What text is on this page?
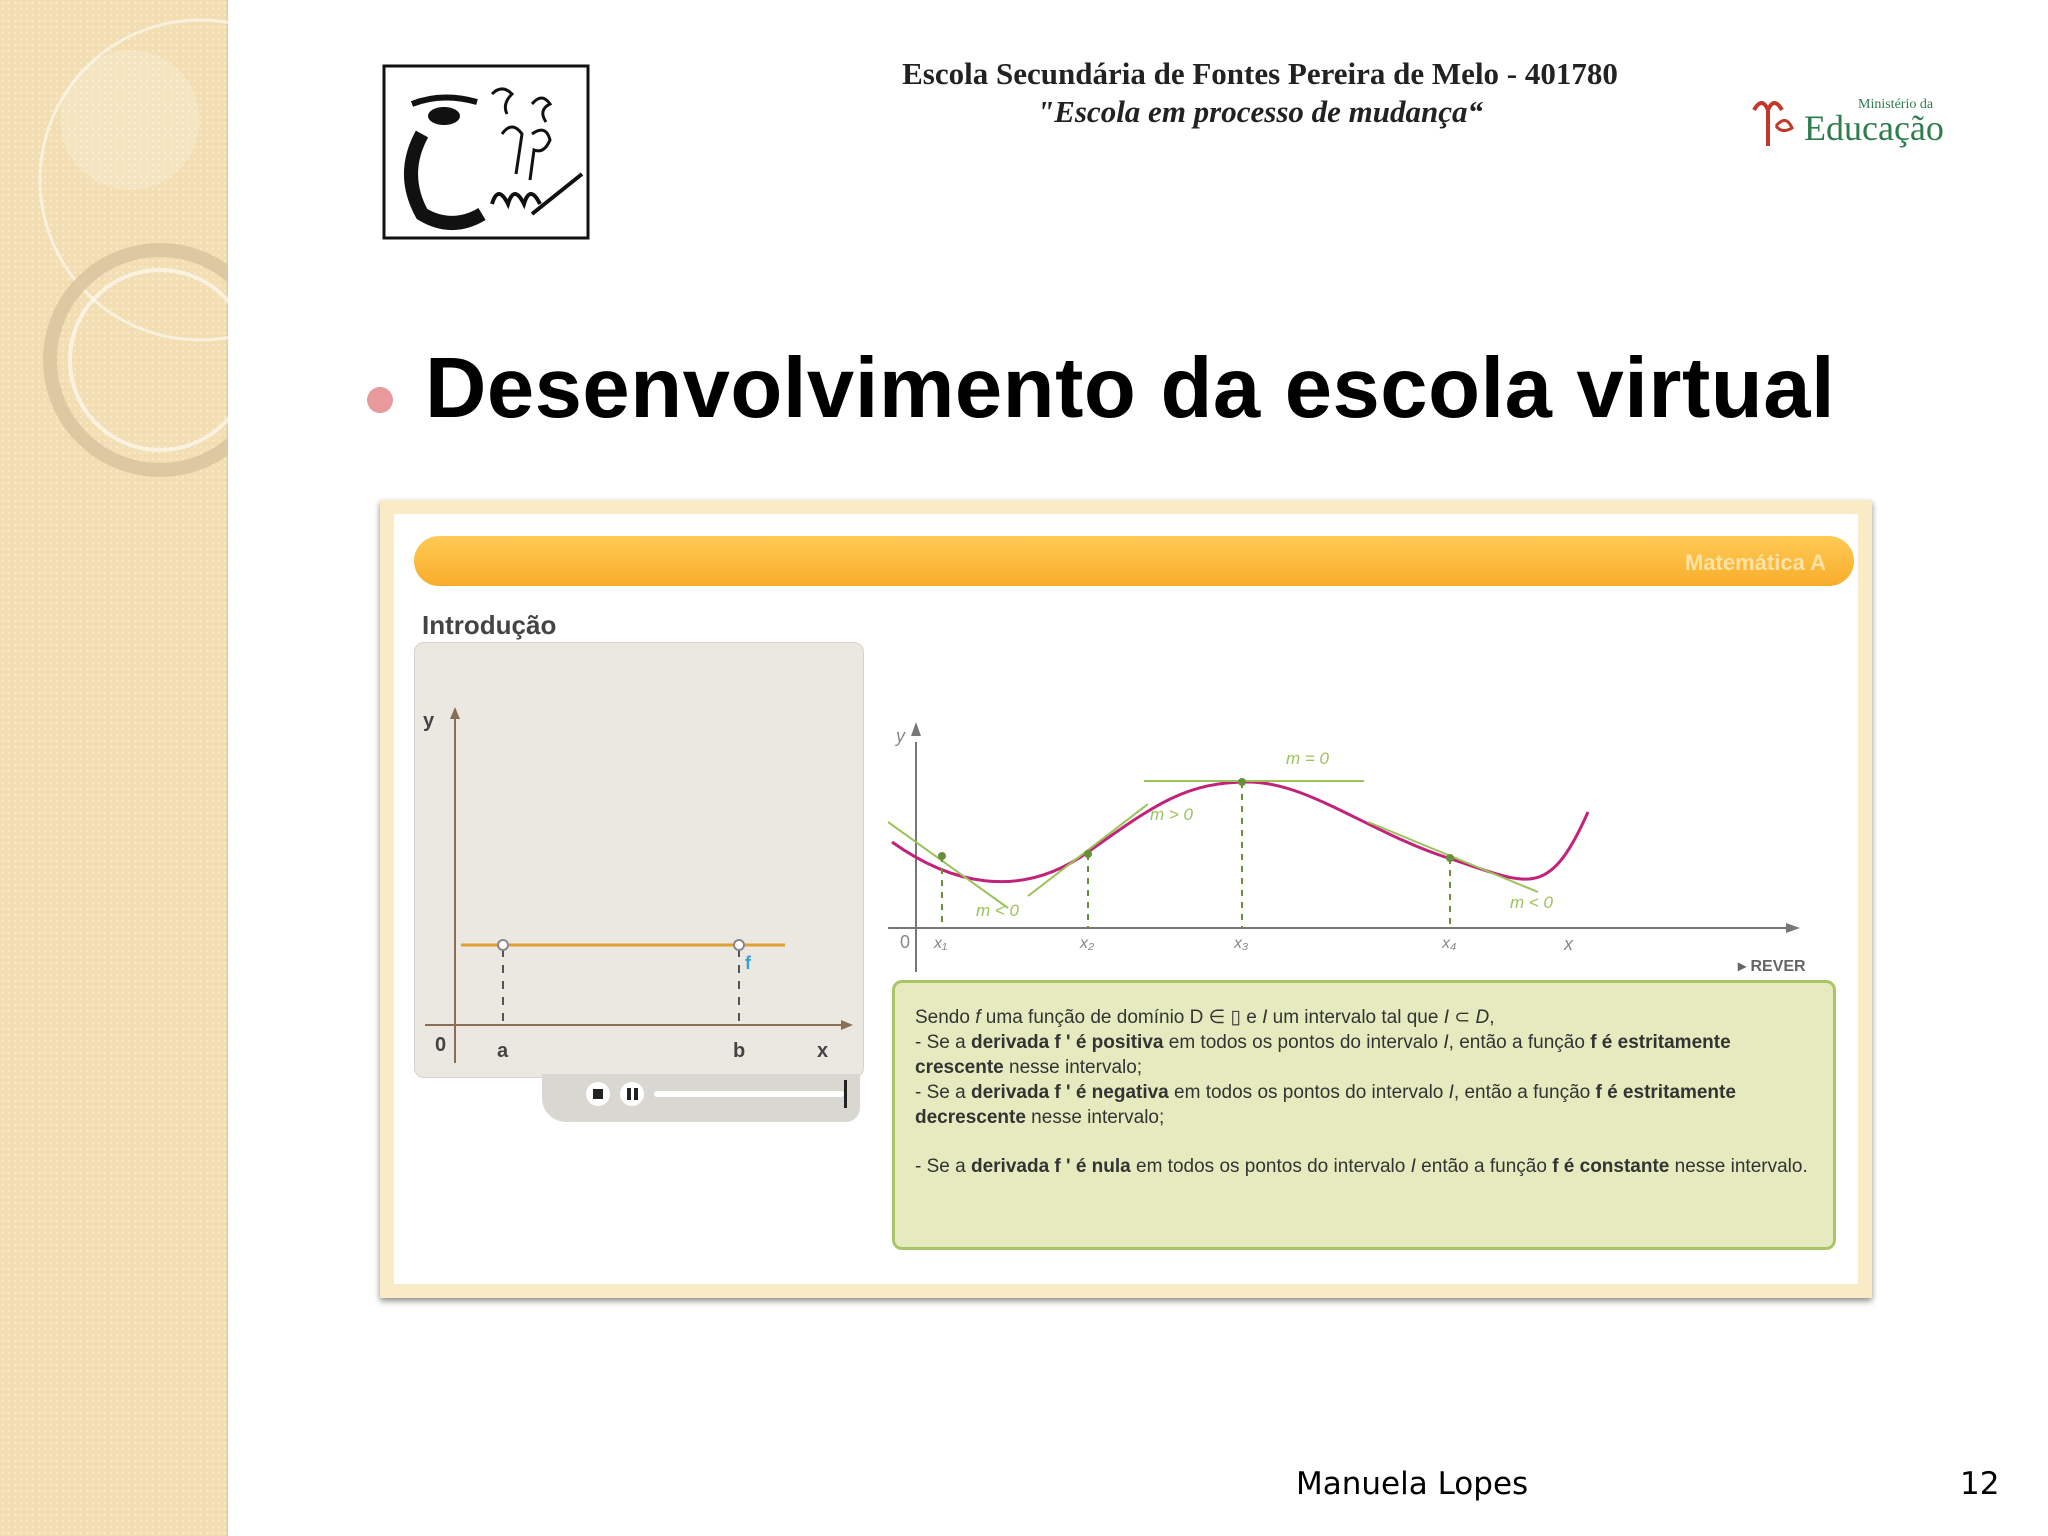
Escola Secundária de Fontes Pereira de Melo - 401780
"Escola em processo de mudança“	Educação
Ministério da
Desenvolvimento da escola virtual
Matemática A
Introdução
y
0	a	b	x
f
y
0	x
x₁	x₂	x₃	x₄
m = 0
m > 0
m < 0	m < 0
▸ REVER

Sendo f uma função de domínio D ∈ ▯ e I um intervalo tal que I ⊂ D,
- Se a derivada f ' é positiva em todos os pontos do intervalo I, então a função f é estritamente crescente nesse intervalo;

- Se a derivada f ' é negativa em todos os pontos do intervalo I, então a função f é estritamente decrescente nesse intervalo;

- Se a derivada f ' é nula em todos os pontos do intervalo I então a função f é constante nesse intervalo.

Manuela Lopes	12
